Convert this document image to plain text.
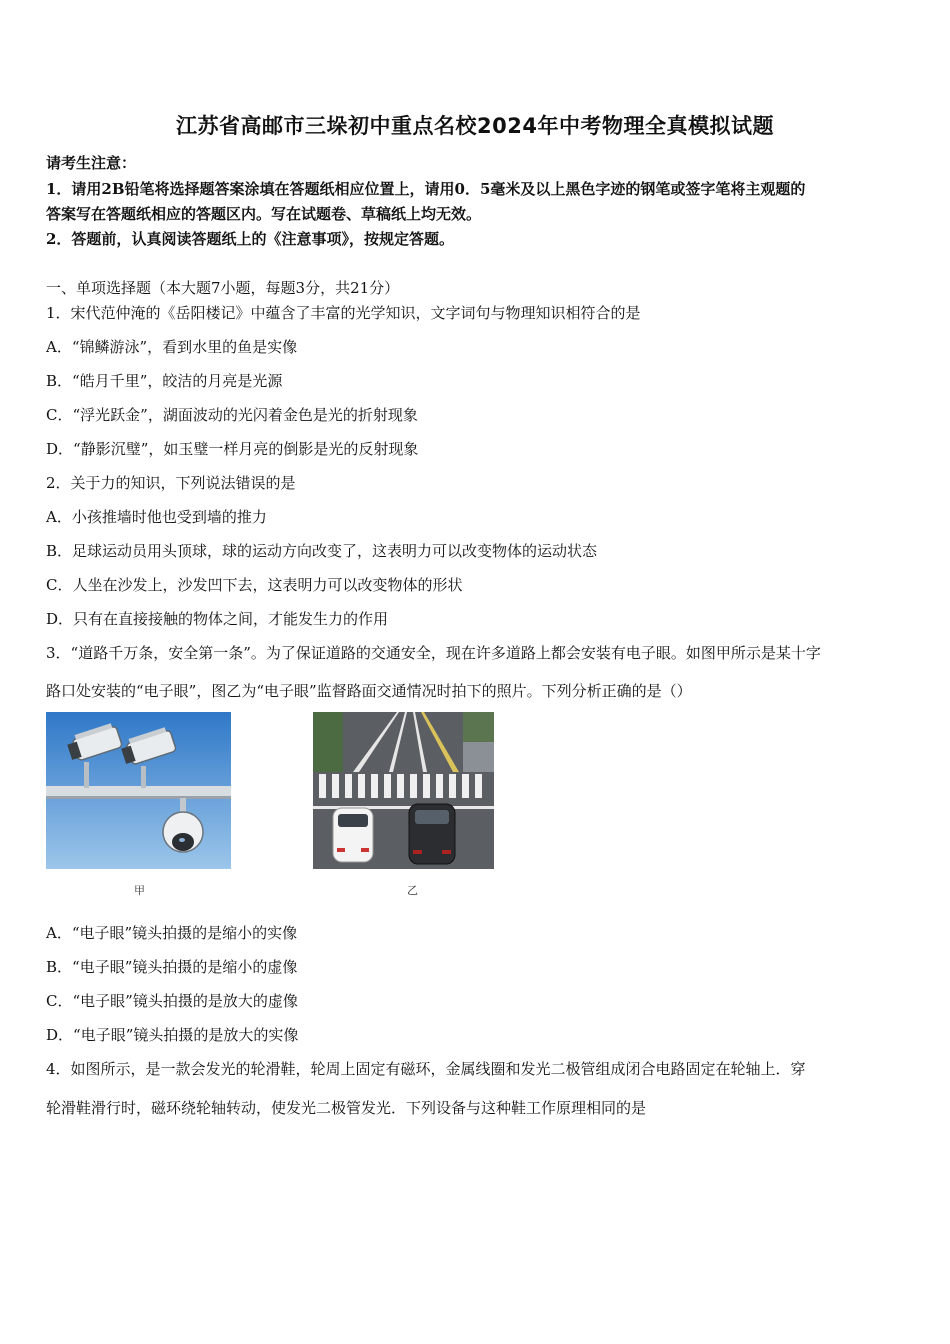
江苏省高邮市三垛初中重点名校2024年中考物理全真模拟试题
请考生注意：
1．请用2B铅笔将选择题答案涂填在答题纸相应位置上，请用0．5毫米及以上黑色字迹的钢笔或签字笔将主观题的
答案写在答题纸相应的答题区内。写在试题卷、草稿纸上均无效。
2．答题前，认真阅读答题纸上的《注意事项》，按规定答题。
一、单项选择题（本大题7小题，每题3分，共21分）
1．宋代范仲淹的《岳阳楼记》中蕴含了丰富的光学知识，文字词句与物理知识相符合的是
A．“锦鳞游泳”，看到水里的鱼是实像
B．“皓月千里”，皎洁的月亮是光源
C．“浮光跃金”，湖面波动的光闪着金色是光的折射现象
D．“静影沉璧”，如玉璧一样月亮的倒影是光的反射现象
2．关于力的知识，下列说法错误的是
A．小孩推墙时他也受到墙的推力
B．足球运动员用头顶球，球的运动方向改变了，这表明力可以改变物体的运动状态
C．人坐在沙发上，沙发凹下去，这表明力可以改变物体的形状
D．只有在直接接触的物体之间，才能发生力的作用
3．“道路千万条，安全第一条”。为了保证道路的交通安全，现在许多道路上都会安装有电子眼。如图甲所示是某十字
路口处安装的“电子眼”，图乙为“电子眼”监督路面交通情况时拍下的照片。下列分析正确的是（）
甲	乙
A．“电子眼”镜头拍摄的是缩小的实像
B．“电子眼”镜头拍摄的是缩小的虚像
C．“电子眼”镜头拍摄的是放大的虚像
D．“电子眼”镜头拍摄的是放大的实像
4．如图所示，是一款会发光的轮滑鞋，轮周上固定有磁环，金属线圈和发光二极管组成闭合电路固定在轮轴上．穿
轮滑鞋滑行时，磁环绕轮轴转动，使发光二极管发光．下列设备与这种鞋工作原理相同的是
